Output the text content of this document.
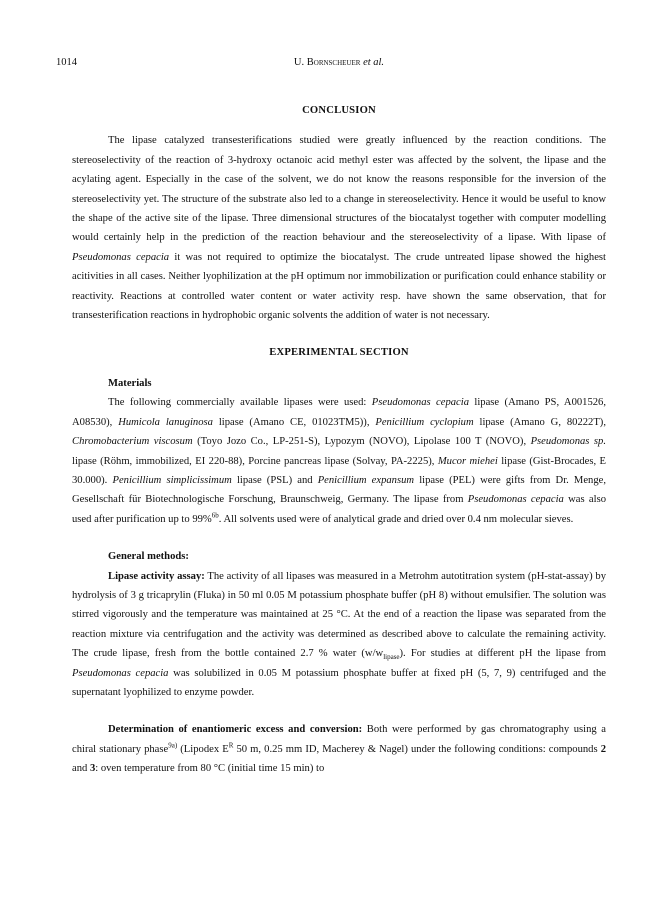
1014	U. Bornscheuer et al.
CONCLUSION

The lipase catalyzed transesterifications studied were greatly influenced by the reaction conditions. The stereoselectivity of the reaction of 3-hydroxy octanoic acid methyl ester was affected by the solvent, the lipase and the acylating agent. Especially in the case of the solvent, we do not know the reasons responsible for the inversion of the stereoselectivity yet. The structure of the substrate also led to a change in stereoselectivity. Hence it would be useful to know the shape of the active site of the lipase. Three dimensional structures of the biocatalyst together with computer modelling would certainly help in the prediction of the reaction behaviour and the stereoselectivity of a lipase. With lipase of Pseudomonas cepacia it was not required to optimize the biocatalyst. The crude untreated lipase showed the highest acitivities in all cases. Neither lyophilization at the pH optimum nor immobilization or purification could enhance stability or reactivity. Reactions at controlled water content or water activity resp. have shown the same observation, that for transesterification reactions in hydrophobic organic solvents the addition of water is not necessary.

EXPERIMENTAL SECTION
Materials

The following commercially available lipases were used: Pseudomonas cepacia lipase (Amano PS, A001526, A08530), Humicola lanuginosa lipase (Amano CE, 01023TM5)), Penicillium cyclopium lipase (Amano G, 80222T), Chromobacterium viscosum (Toyo Jozo Co., LP-251-S), Lypozym (NOVO), Lipolase 100 T (NOVO), Pseudomonas sp. lipase (Röhm, immobilized, EI 220-88), Porcine pancreas lipase (Solvay, PA-2225), Mucor miehei lipase (Gist-Brocades, E 30.000). Penicillium simplicissimum lipase (PSL) and Penicillium expansum lipase (PEL) were gifts from Dr. Menge, Gesellschaft für Biotechnologische Forschung, Braunschweig, Germany. The lipase from Pseudomonas cepacia was also used after purification up to 99%$^{6b}$. All solvents used were of analytical grade and dried over 0.4 nm molecular sieves.

General methods:

Lipase activity assay: The activity of all lipases was measured in a Metrohm autotitration system (pH-stat-assay) by hydrolysis of 3 g tricaprylin (Fluka) in 50 ml 0.05 M potassium phosphate buffer (pH 8) without emulsifier. The solution was stirred vigorously and the temperature was maintained at 25 °C. At the end of a reaction the lipase was separated from the reaction mixture via centrifugation and the activity was determined as described above to calculate the remaining activity. The crude lipase, fresh from the bottle contained 2.7 % water $(w/w_{lipase})$. For studies at different pH the lipase from Pseudomonas cepacia was solubilized in 0.05 M potassium phosphate buffer at fixed pH (5, 7, 9) centrifuged and the supernatant lyophilized to enzyme powder.

Determination of enantiomeric excess and conversion: Both were performed by gas chromatography using a chiral stationary phase$^{9a)}$ (Lipodex $E^R$ 50 m, 0.25 mm ID, Macherey & Nagel) under the following conditions: compounds 2 and 3: oven temperature from 80 °C (initial time 15 min) to
